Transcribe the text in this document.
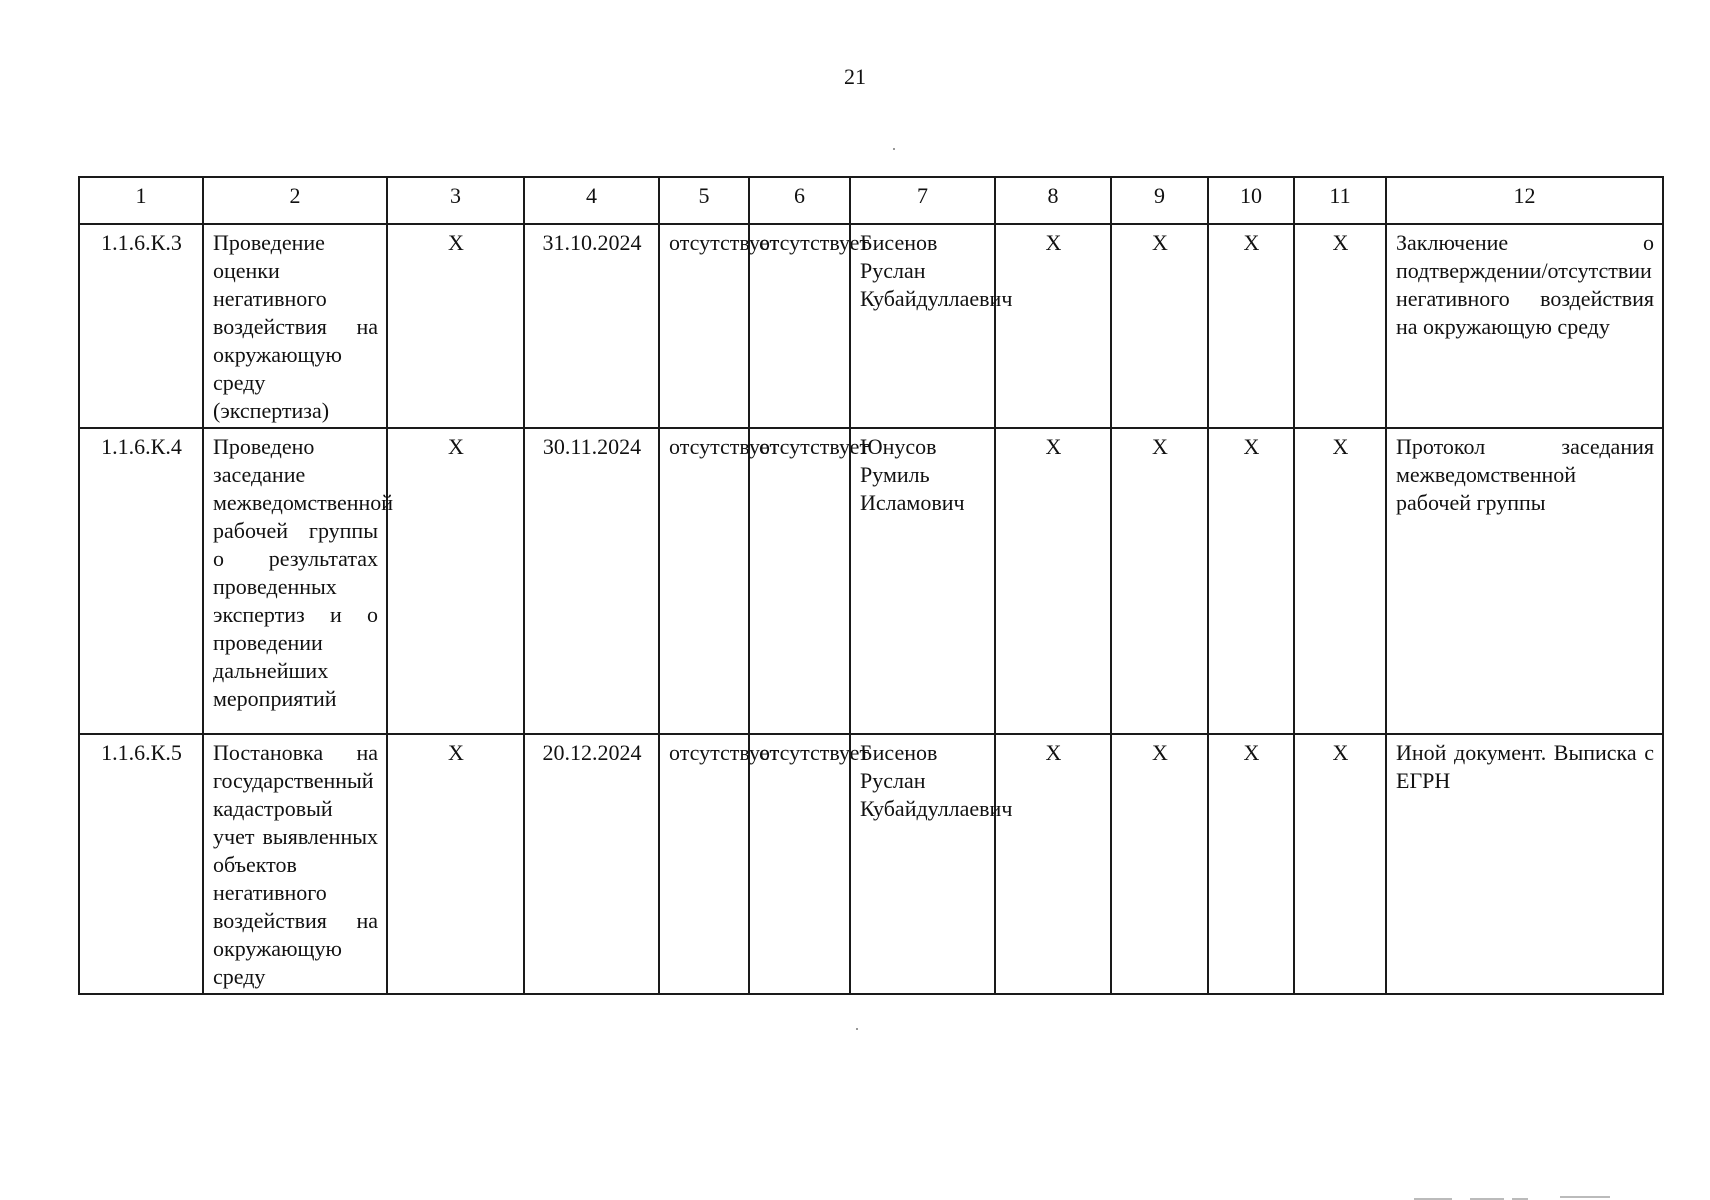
21
1	2	3	4	5	6	7	8	9	10	11	12
1.1.6.К.3	Проведение оценки негативного воздействия на окружающую среду (экспертиза)	X	31.10.2024	отсутствует	отсутствует	Бисенов Руслан Кубайдуллаевич	X	X	X	X	Заключение о подтверждении/отсутствии негативного воздействия на окружающую среду
1.1.6.К.4	Проведено заседание межведомственной рабочей группы о результатах проведенных экспертиз и о проведении дальнейших мероприятий	X	30.11.2024	отсутствует	отсутствует	Юнусов Румиль Исламович	X	X	X	X	Протокол заседания межведомственной рабочей группы
1.1.6.К.5	Постановка на государственный кадастровый учет выявленных объектов негативного воздействия на окружающую среду	X	20.12.2024	отсутствует	отсутствует	Бисенов Руслан Кубайдуллаевич	X	X	X	X	Иной документ. Выписка с ЕГРН
